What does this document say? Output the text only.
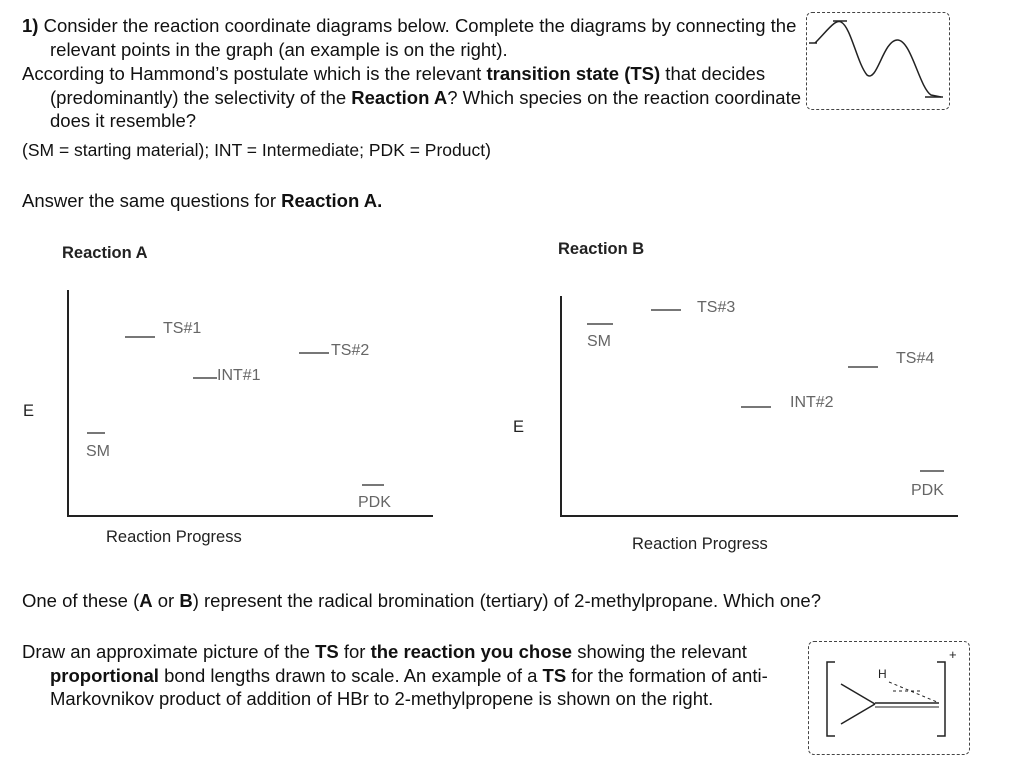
1) Consider the reaction coordinate diagrams below. Complete the diagrams by connecting the relevant points in the graph (an example is on the right).
According to Hammond’s postulate which is the relevant transition state (TS) that decides (predominantly) the selectivity of the Reaction A? Which species on the reaction coordinate does it resemble?
(SM = starting material); INT = Intermediate; PDK = Product)
Answer the same questions for Reaction A.
Reaction A
E
Reaction Progress
TS#1
TS#2
INT#1
SM
PDK
Reaction B
E
Reaction Progress
TS#3
SM
TS#4
INT#2
PDK
One of these (A or B) represent the radical bromination (tertiary) of 2-methylpropane. Which one?
Draw an approximate picture of the TS for the reaction you chose showing the relevant proportional bond lengths drawn to scale. An example of a TS for the formation of anti-Markovnikov product of addition of HBr to 2-methylpropene is shown on the right.
H
+
